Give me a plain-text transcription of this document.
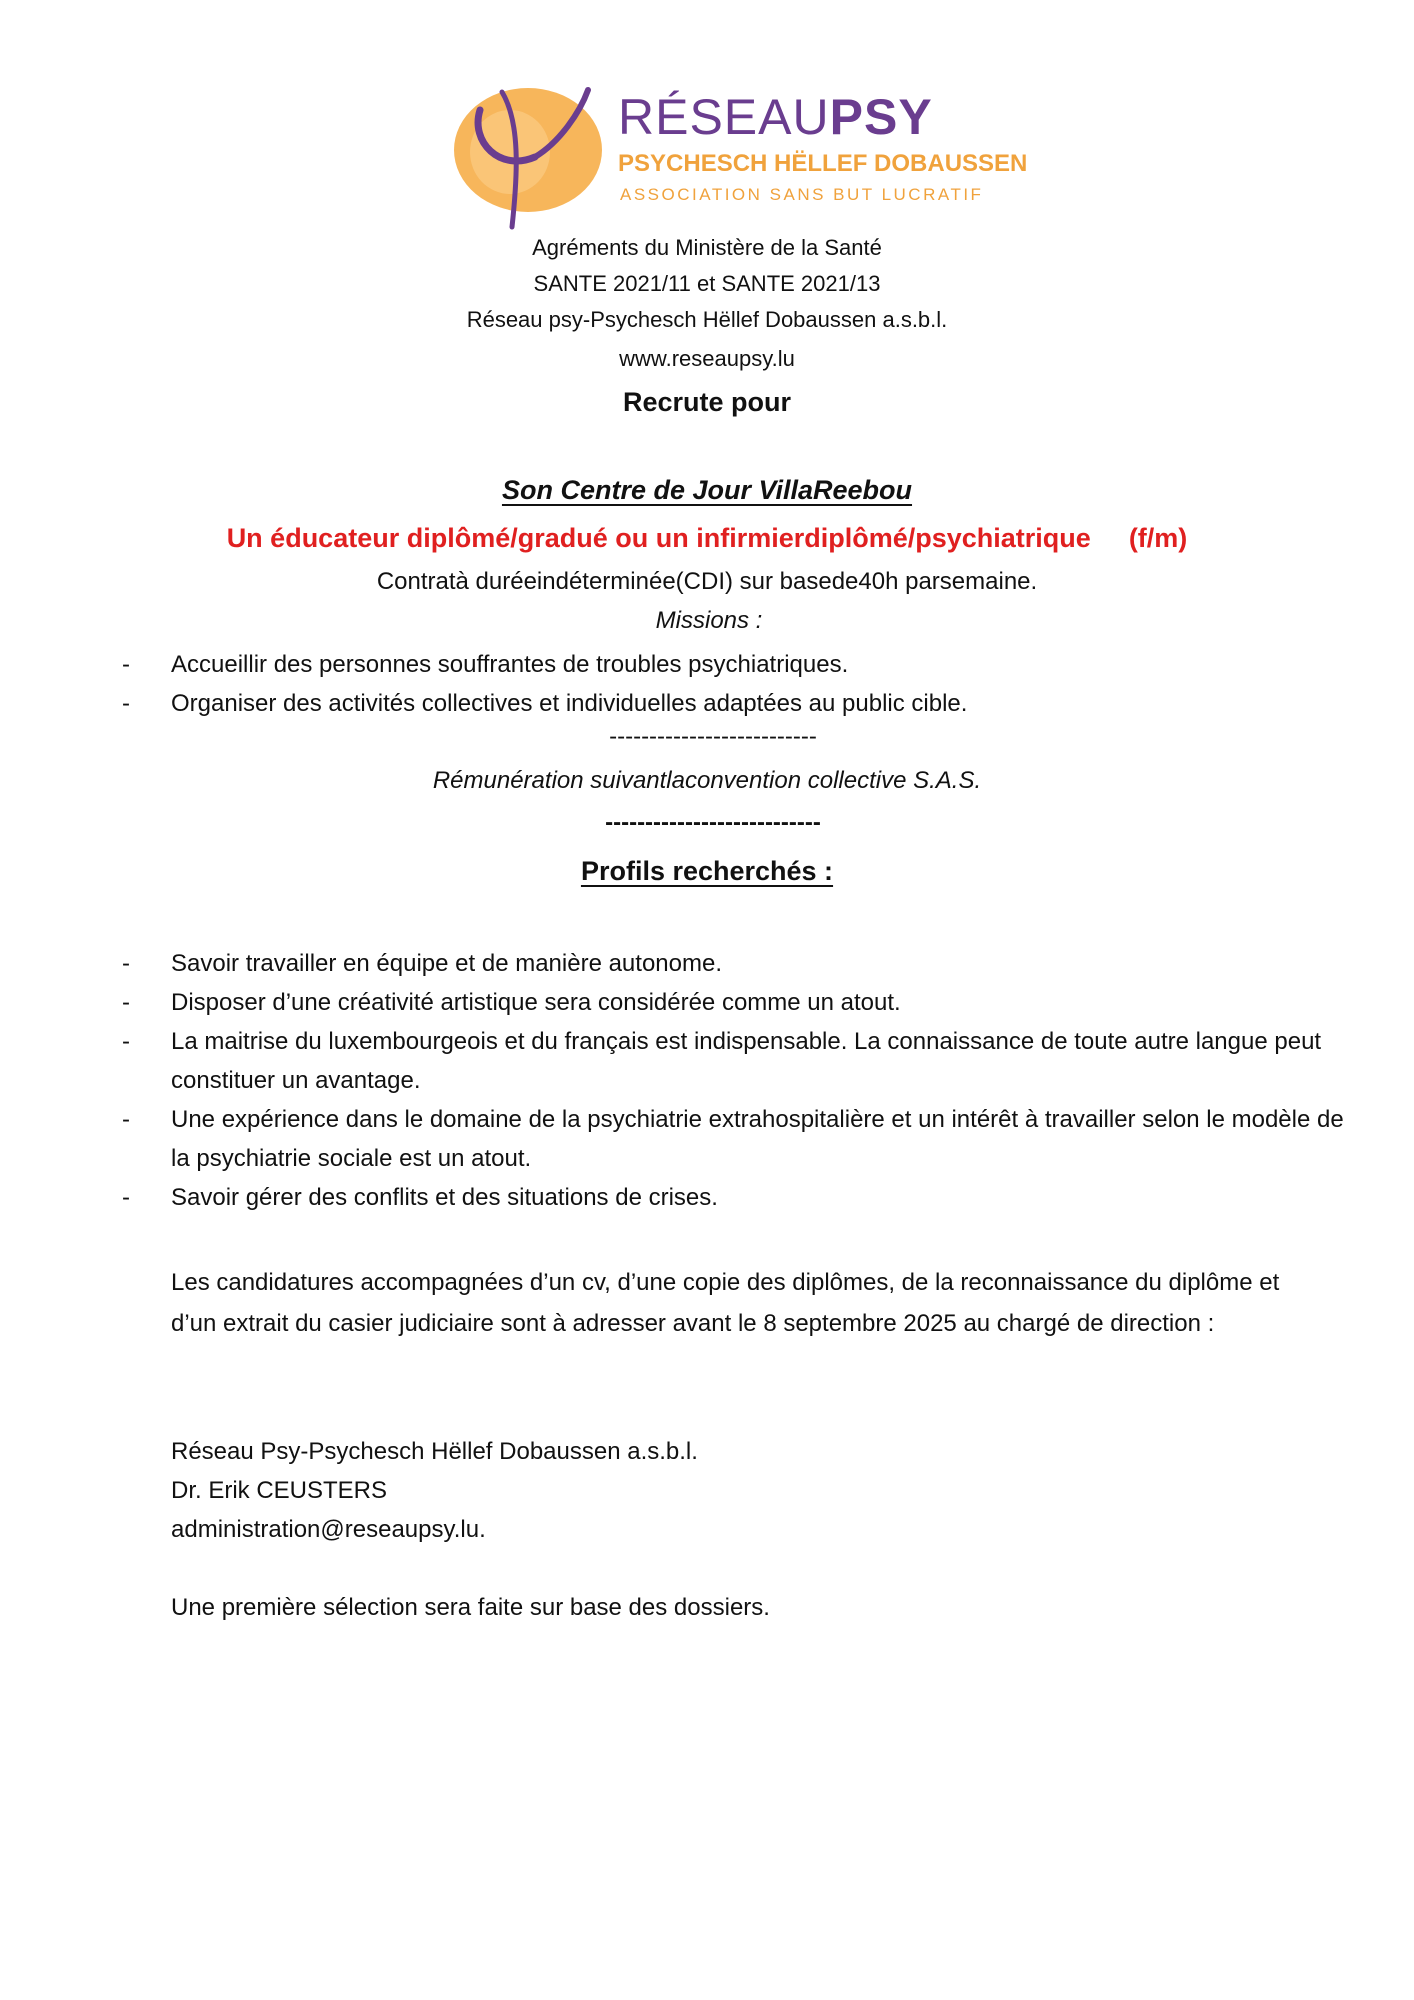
RÉSEAUPSY
PSYCHESCH HËLLEF DOBAUSSEN
ASSOCIATION SANS BUT LUCRATIF
Agréments du Ministère de la Santé
SANTE 2021/11 et SANTE 2021/13
Réseau psy-Psychesch Hëllef Dobaussen a.s.b.l.
www.reseaupsy.lu
Recrute pour
Son Centre de Jour VillaReebou
Un éducateur diplômé/gradué ou un infirmierdiplômé/psychiatrique (f/m)
Contratà duréeindéterminée(CDI) sur basede40h parsemaine.
Missions :
- Accueillir des personnes souffrantes de troubles psychiatriques.
- Organiser des activités collectives et individuelles adaptées au public cible.
--------------------------
Rémunération suivantlaconvention collective S.A.S.
---------------------------
Profils recherchés :
- Savoir travailler en équipe et de manière autonome.
- Disposer d’une créativité artistique sera considérée comme un atout.
- La maitrise du luxembourgeois et du français est indispensable. La connaissance de toute autre langue peut constituer un avantage.
- Une expérience dans le domaine de la psychiatrie extrahospitalière et un intérêt à travailler selon le modèle de la psychiatrie sociale est un atout.
- Savoir gérer des conflits et des situations de crises.
Les candidatures accompagnées d’un cv, d’une copie des diplômes, de la reconnaissance du diplôme et d’un extrait du casier judiciaire sont à adresser avant le 8 septembre 2025 au chargé de direction :
Réseau Psy-Psychesch Hëllef Dobaussen a.s.b.l.
Dr. Erik CEUSTERS
administration@reseaupsy.lu.
Une première sélection sera faite sur base des dossiers.
